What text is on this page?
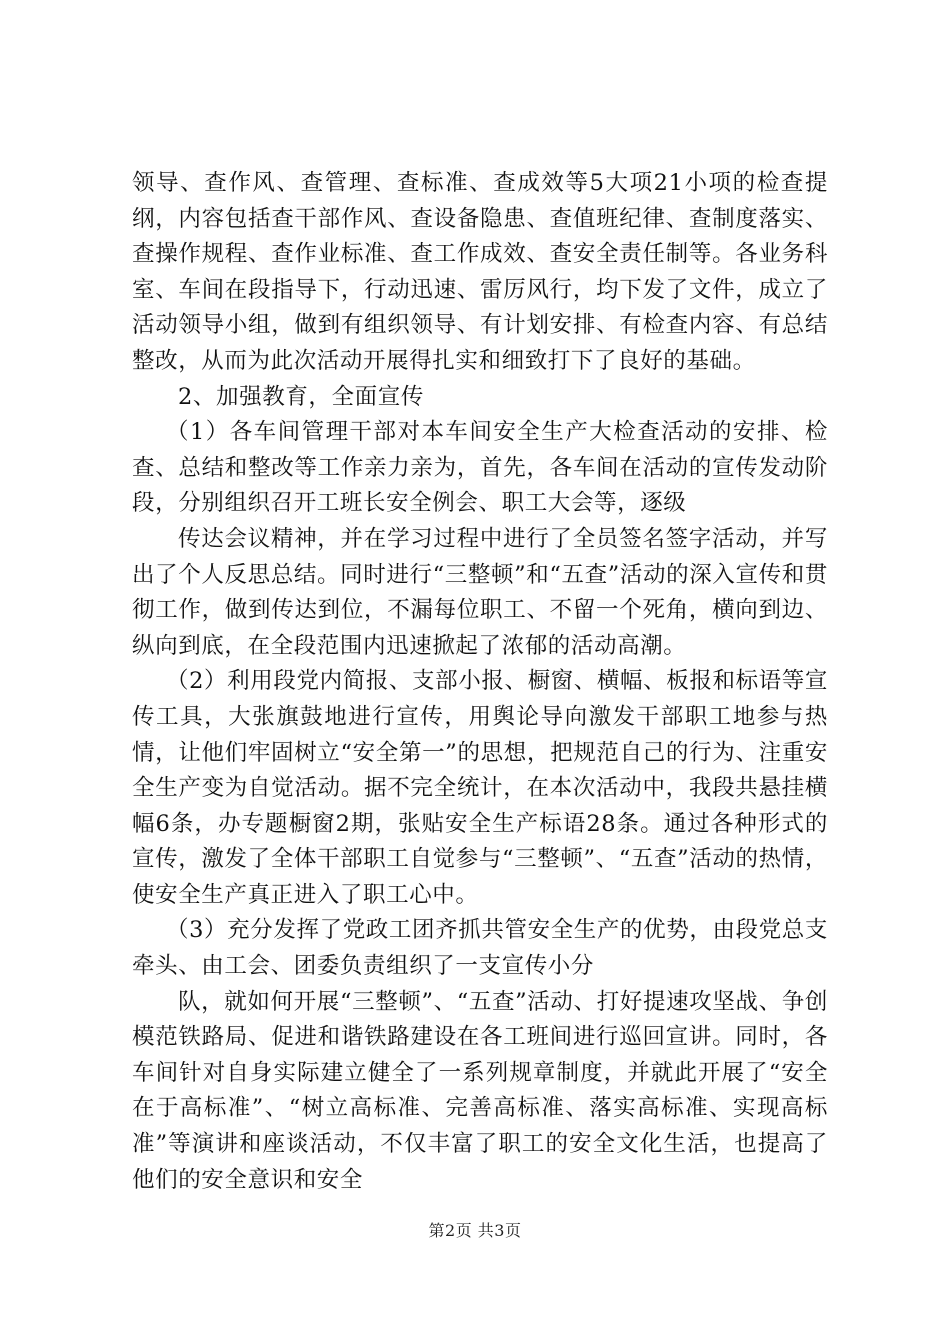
领导、查作风、查管理、查标准、查成效等5大项21小项的检查提纲，内容包括查干部作风、查设备隐患、查值班纪律、查制度落实、查操作规程、查作业标准、查工作成效、查安全责任制等。各业务科室、车间在段指导下，行动迅速、雷厉风行，均下发了文件，成立了活动领导小组，做到有组织领导、有计划安排、有检查内容、有总结整改，从而为此次活动开展得扎实和细致打下了良好的基础。

2、加强教育，全面宣传

（1）各车间管理干部对本车间安全生产大检查活动的安排、检查、总结和整改等工作亲力亲为，首先，各车间在活动的宣传发动阶段，分别组织召开工班长安全例会、职工大会等，逐级

传达会议精神，并在学习过程中进行了全员签名签字活动，并写出了个人反思总结。同时进行“三整顿”和“五查”活动的深入宣传和贯彻工作，做到传达到位，不漏每位职工、不留一个死角，横向到边、纵向到底，在全段范围内迅速掀起了浓郁的活动高潮。

（2）利用段党内简报、支部小报、橱窗、横幅、板报和标语等宣传工具，大张旗鼓地进行宣传，用舆论导向激发干部职工地参与热情，让他们牢固树立“安全第一”的思想，把规范自己的行为、注重安全生产变为自觉活动。据不完全统计，在本次活动中，我段共悬挂横幅6条，办专题橱窗2期，张贴安全生产标语28条。通过各种形式的宣传，激发了全体干部职工自觉参与“三整顿”、“五查”活动的热情，使安全生产真正进入了职工心中。

（3）充分发挥了党政工团齐抓共管安全生产的优势，由段党总支牵头、由工会、团委负责组织了一支宣传小分

队，就如何开展“三整顿”、“五查”活动、打好提速攻坚战、争创模范铁路局、促进和谐铁路建设在各工班间进行巡回宣讲。同时，各车间针对自身实际建立健全了一系列规章制度，并就此开展了“安全在于高标准”、“树立高标准、完善高标准、落实高标准、实现高标准”等演讲和座谈活动，不仅丰富了职工的安全文化生活，也提高了他们的安全意识和安全

第2页 共3页
